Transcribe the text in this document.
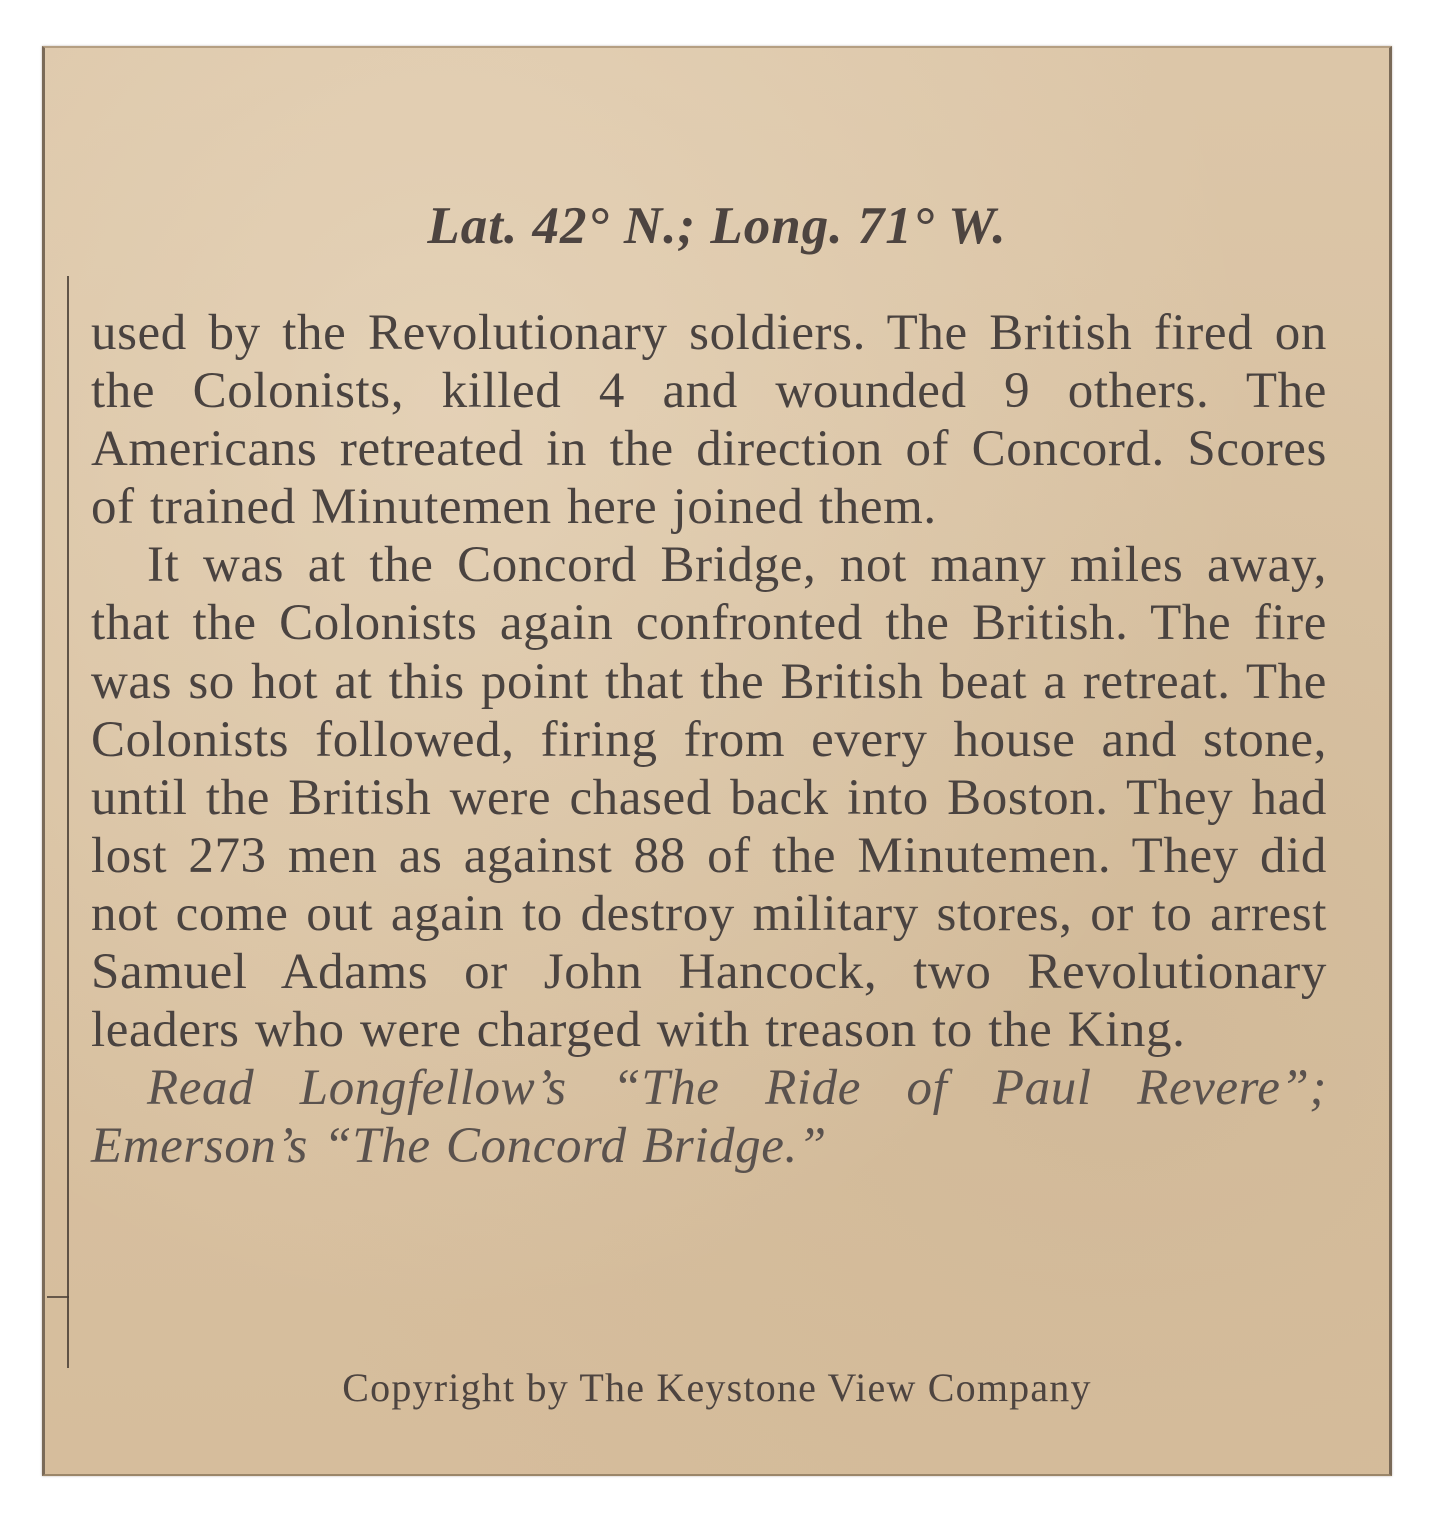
Lat. 42° N.; Long. 71° W.

used by the Revolutionary soldiers. The British fired on the Colonists, killed 4 and wounded 9 others. The Americans retreated in the direction of Concord. Scores of trained Minutemen here joined them.

It was at the Concord Bridge, not many miles away, that the Colonists again confronted the British. The fire was so hot at this point that the British beat a retreat. The Colonists followed, firing from every house and stone, until the British were chased back into Boston. They had lost 273 men as against 88 of the Minutemen. They did not come out again to destroy military stores, or to arrest Samuel Adams or John Hancock, two Revolutionary leaders who were charged with treason to the King.

Read Longfellow’s “The Ride of Paul Revere”; Emerson’s “The Concord Bridge.”

Copyright by The Keystone View Company
